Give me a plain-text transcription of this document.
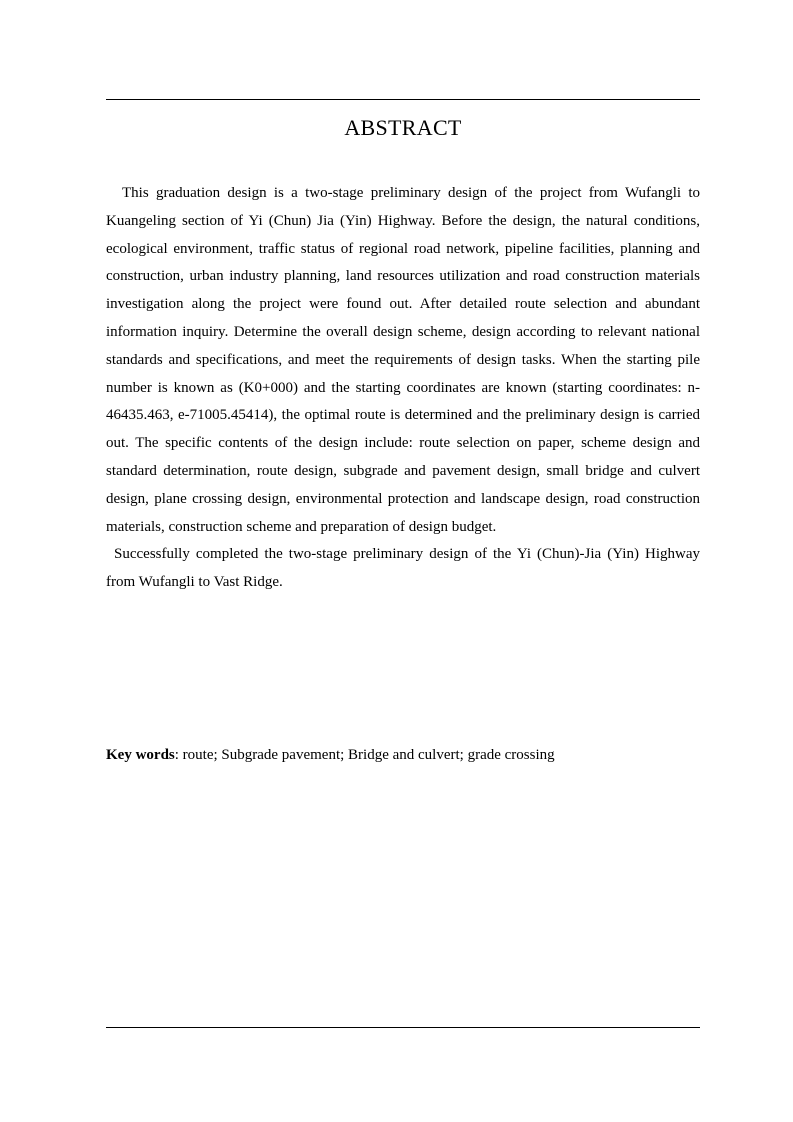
ABSTRACT

This graduation design is a two-stage preliminary design of the project from Wufangli to Kuangeling section of Yi (Chun) Jia (Yin) Highway. Before the design, the natural conditions, ecological environment, traffic status of regional road network, pipeline facilities, planning and construction, urban industry planning, land resources utilization and road construction materials investigation along the project were found out. After detailed route selection and abundant information inquiry. Determine the overall design scheme, design according to relevant national standards and specifications, and meet the requirements of design tasks. When the starting pile number is known as (K0+000) and the starting coordinates are known (starting coordinates: n-46435.463, e-71005.45414), the optimal route is determined and the preliminary design is carried out. The specific contents of the design include: route selection on paper, scheme design and standard determination, route design, subgrade and pavement design, small bridge and culvert design, plane crossing design, environmental protection and landscape design, road construction materials, construction scheme and preparation of design budget.

Successfully completed the two-stage preliminary design of the Yi (Chun)-Jia (Yin) Highway from Wufangli to Vast Ridge.

Key words: route; Subgrade pavement; Bridge and culvert; grade crossing
